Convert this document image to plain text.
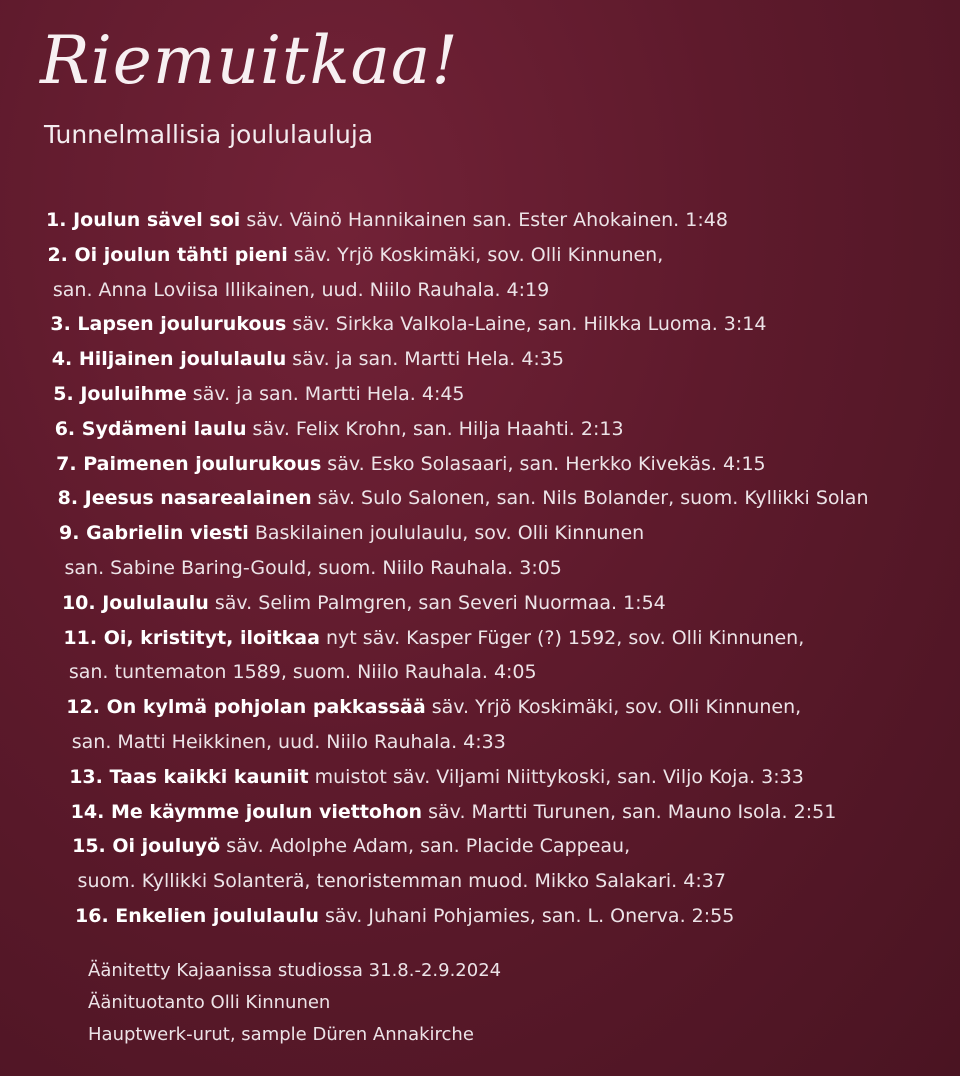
Riemuitkaa!
Tunnelmallisia joululauluja
1. Joulun sävel soi säv. Väinö Hannikainen san. Ester Ahokainen. 1:48
2. Oi joulun tähti pieni säv. Yrjö Koskimäki, sov. Olli Kinnunen,
san. Anna Loviisa Illikainen, uud. Niilo Rauhala. 4:19
3. Lapsen joulurukous säv. Sirkka Valkola-Laine, san. Hilkka Luoma. 3:14
4. Hiljainen joululaulu säv. ja san. Martti Hela. 4:35
5. Jouluihme säv. ja san. Martti Hela. 4:45
6. Sydämeni laulu säv. Felix Krohn, san. Hilja Haahti. 2:13
7. Paimenen joulurukous säv. Esko Solasaari, san. Herkko Kivekäs. 4:15
8. Jeesus nasarealainen säv. Sulo Salonen, san. Nils Bolander, suom. Kyllikki Solan
9. Gabrielin viesti Baskilainen joululaulu, sov. Olli Kinnunen
san. Sabine Baring-Gould, suom. Niilo Rauhala. 3:05
10. Joululaulu säv. Selim Palmgren, san Severi Nuormaa. 1:54
11. Oi, kristityt, iloitkaa nyt säv. Kasper Füger (?) 1592, sov. Olli Kinnunen,
san. tuntematon 1589, suom. Niilo Rauhala. 4:05
12. On kylmä pohjolan pakkassää säv. Yrjö Koskimäki, sov. Olli Kinnunen,
san. Matti Heikkinen, uud. Niilo Rauhala. 4:33
13. Taas kaikki kauniit muistot säv. Viljami Niittykoski, san. Viljo Koja. 3:33
14. Me käymme joulun viettohon säv. Martti Turunen, san. Mauno Isola. 2:51
15. Oi jouluyö säv. Adolphe Adam, san. Placide Cappeau,
suom. Kyllikki Solanterä, tenoristemman muod. Mikko Salakari. 4:37
16. Enkelien joululaulu säv. Juhani Pohjamies, san. L. Onerva. 2:55
Äänitetty Kajaanissa studiossa 31.8.-2.9.2024
Äänituotanto Olli Kinnunen
Hauptwerk-urut, sample Düren Annakirche
